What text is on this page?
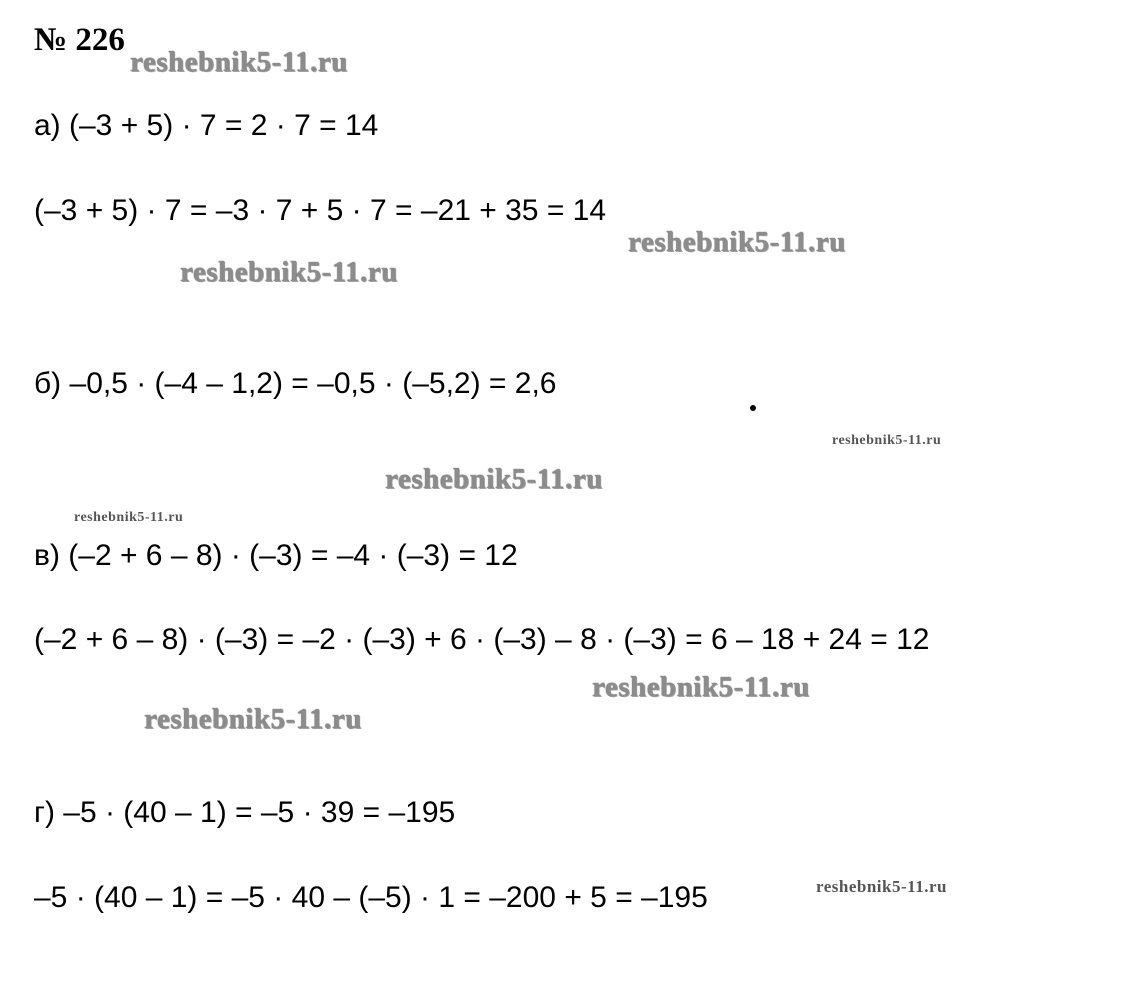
№ 226
а) (–3 + 5) · 7 = 2 · 7 = 14
(–3 + 5) · 7 = –3 · 7 + 5 · 7 = –21 + 35 = 14
б) –0,5 · (–4 – 1,2) = –0,5 · (–5,2) = 2,6
в) (–2 + 6 – 8) · (–3) = –4 · (–3) = 12
(–2 + 6 – 8) · (–3) = –2 · (–3) + 6 · (–3) – 8 · (–3) = 6 – 18 + 24 = 12
г) –5 · (40 – 1) = –5 · 39 = –195
–5 · (40 – 1) = –5 · 40 – (–5) · 1 = –200 + 5 = –195
reshebnik5-11.ru
reshebnik5-11.ru
reshebnik5-11.ru
reshebnik5-11.ru
reshebnik5-11.ru
reshebnik5-11.ru
reshebnik5-11.ru
reshebnik5-11.ru
reshebnik5-11.ru
